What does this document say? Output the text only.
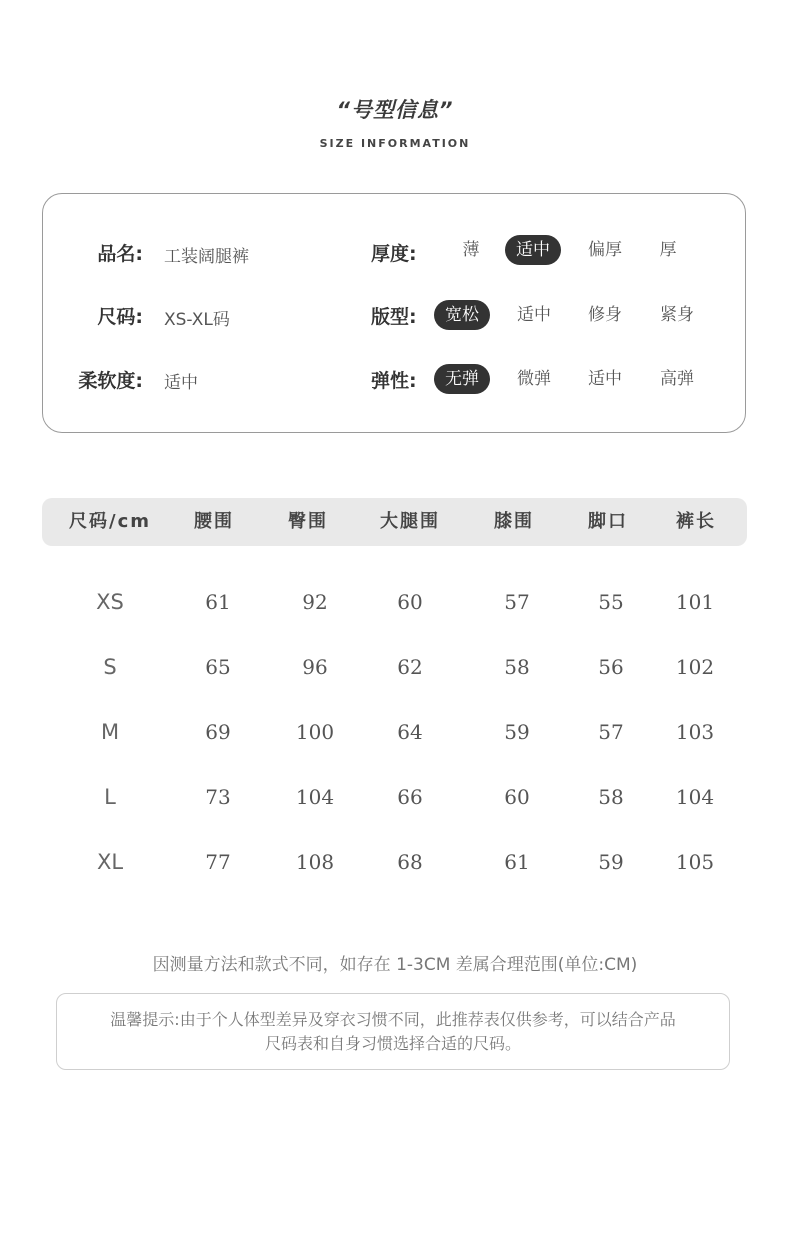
“号型信息”
SIZE INFORMATION
品名: 工装阔腿裤
尺码: XS-XL码
柔软度: 适中
厚度:	薄	适中	偏厚	厚
版型:	宽松	适中	修身	紧身
弹性:	无弹	微弹	适中	高弹
尺码/cm	腰围	臀围	大腿围	膝围	脚口	裤长
XS	61	92	60	57	55	101
S	65	96	62	58	56	102
M	69	100	64	59	57	103
L	73	104	66	60	58	104
XL	77	108	68	61	59	105
因测量方法和款式不同，如存在 1-3CM 差属合理范围(单位:CM)
温馨提示:由于个人体型差异及穿衣习惯不同，此推荐表仅供参考，可以结合产品
尺码表和自身习惯选择合适的尺码。
